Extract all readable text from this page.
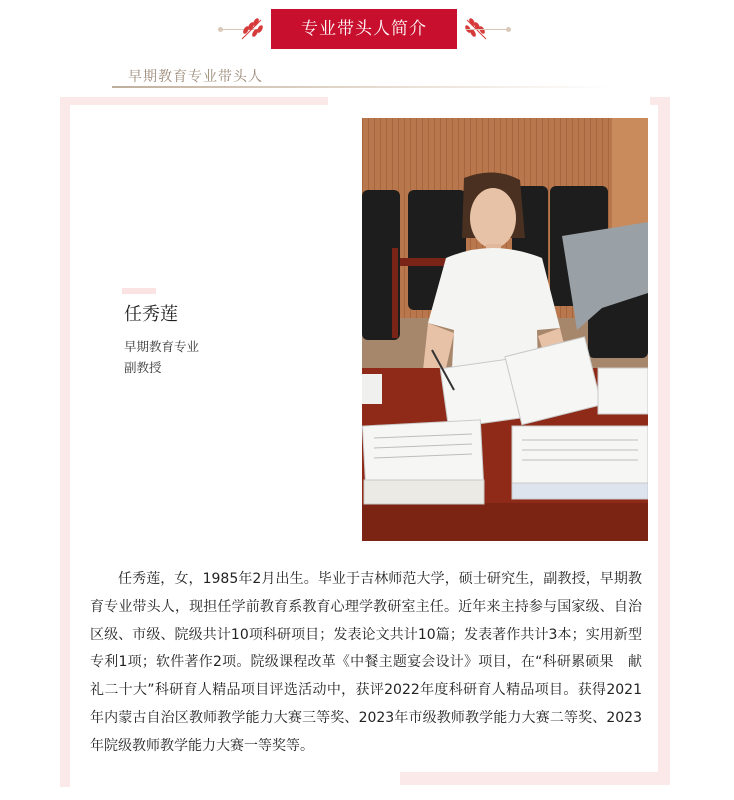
专业带头人简介
早期教育专业带头人
任秀莲
早期教育专业
副教授

任秀莲，女，1985年2月出生。毕业于吉林师范大学，硕士研究生，副教授，早期教育专业带头人，现担任学前教育系教育心理学教研室主任。近年来主持参与国家级、自治区级、市级、院级共计10项科研项目；发表论文共计10篇；发表著作共计3本；实用新型专利1项；软件著作2项。院级课程改革《中餐主题宴会设计》项目，在“科研累硕果　献礼二十大”科研育人精品项目评选活动中，获评2022年度科研育人精品项目。获得2021年内蒙古自治区教师教学能力大赛三等奖、2023年市级教师教学能力大赛二等奖、2023年院级教师教学能力大赛一等奖等。
